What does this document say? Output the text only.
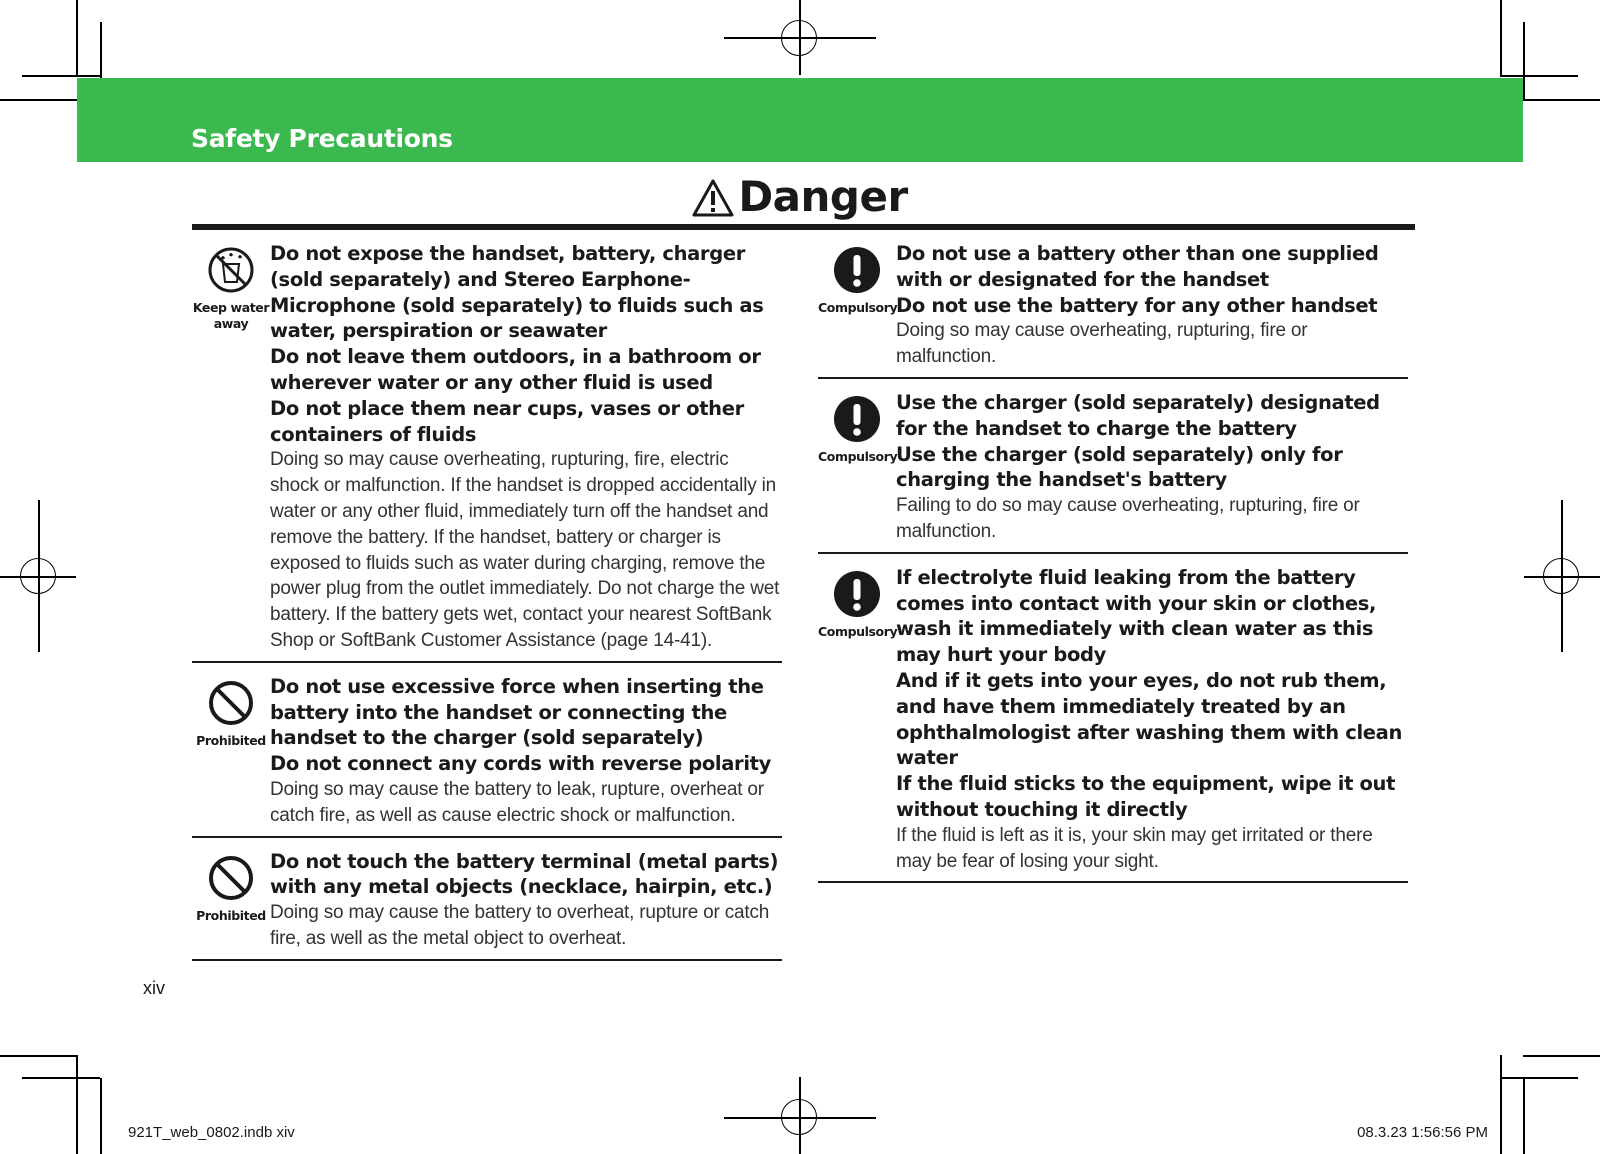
Safety Precautions
Danger
Keep water away
Do not expose the handset, battery, charger (sold separately) and Stereo Earphone-Microphone (sold separately) to fluids such as water, perspiration or seawater
Do not leave them outdoors, in a bathroom or wherever water or any other fluid is used
Do not place them near cups, vases or other containers of fluids
Doing so may cause overheating, rupturing, fire, electric shock or malfunction. If the handset is dropped accidentally in water or any other fluid, immediately turn off the handset and remove the battery. If the handset, battery or charger is exposed to fluids such as water during charging, remove the power plug from the outlet immediately. Do not charge the wet battery. If the battery gets wet, contact your nearest SoftBank Shop or SoftBank Customer Assistance (page 14-41).
Prohibited
Do not use excessive force when inserting the battery into the handset or connecting the handset to the charger (sold separately)
Do not connect any cords with reverse polarity
Doing so may cause the battery to leak, rupture, overheat or catch fire, as well as cause electric shock or malfunction.
Prohibited
Do not touch the battery terminal (metal parts) with any metal objects (necklace, hairpin, etc.)
Doing so may cause the battery to overheat, rupture or catch fire, as well as the metal object to overheat.
Compulsory
Do not use a battery other than one supplied with or designated for the handset
Do not use the battery for any other handset
Doing so may cause overheating, rupturing, fire or malfunction.
Compulsory
Use the charger (sold separately) designated for the handset to charge the battery
Use the charger (sold separately) only for charging the handset's battery
Failing to do so may cause overheating, rupturing, fire or malfunction.
Compulsory
If electrolyte fluid leaking from the battery comes into contact with your skin or clothes, wash it immediately with clean water as this may hurt your body
And if it gets into your eyes, do not rub them, and have them immediately treated by an ophthalmologist after washing them with clean water
If the fluid sticks to the equipment, wipe it out without touching it directly
If the fluid is left as it is, your skin may get irritated or there may be fear of losing your sight.
xiv
921T_web_0802.indb xiv	08.3.23 1:56:56 PM
